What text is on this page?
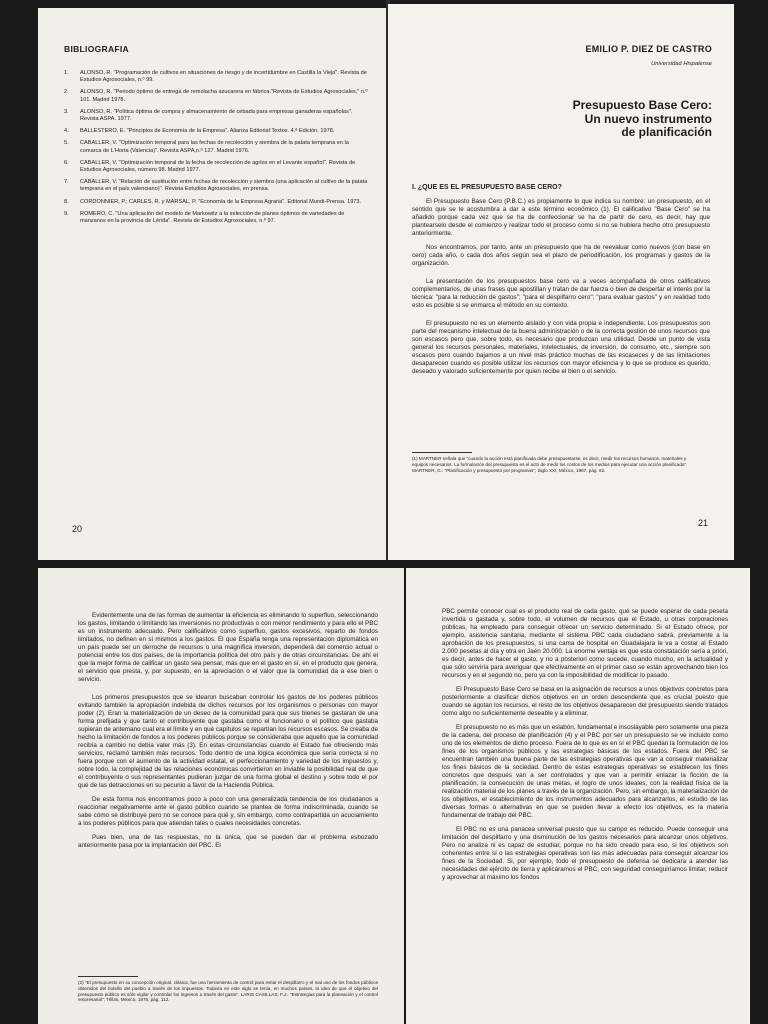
BIBLIOGRAFIA
1.	ALONSO, R. "Programación de cultivos en situaciones de riesgo y de incertidumbre en Castilla la Vieja". Revista de Estudios Agrosociales, n.º 99.
2.	ALONSO, R. "Periodo óptimo de entrega de remolacha azucarera en fábrica."Revista de Estudios Agrosociales," n.º 101. Madrid 1978.
3.	ALONSO, R. "Política óptima de compra y almacenamiento de cebada para empresas ganaderas españolas". Revista ASPA. 1977.
4.	BALLESTERO, E. "Principios de Economía de la Empresa". Alianza Editorial Textos. 4.ª Edición. 1978.
5.	CABALLER, V. "Optimización temporal para las fechas de recolección y siembra de la patata temprana en la comarca de L'Horta (Valencia)". Revista ASPA,n.º 127. Madrid 1976.
6.	CABALLER, V. "Optimización temporal de la fecha de recolección de agrios en el Levante español". Revista de Estudios Agrosociales, número 98. Madrid 1977.
7.	CABALLER, V. "Relación de sustitución entre fechas de recolección y siembra (una aplicación al cultivo de la patata temprana en el país valenciano)". Revista Estudios Agrosociales, en prensa.
8.	CORDONNIER, P.; CARLES, R. y MARSAL, P. "Economía de la Empresa Agraria". Editorial Mundi-Prensa. 1973.
9.	ROMERO, C. "Una aplicación del modelo de Markowitz a la selección de planes óptimos de variedades de manzanos en la provincia de Lérida". Revista de Estudios Agrosociales, n.º 97.
20
EMILIO P. DIEZ DE CASTRO
Universidad Hispalense
Presupuesto Base Cero:
Un nuevo instrumento
de planificación
I. ¿QUE ES EL PRESUPUESTO BASE CERO?

El Presupuesto Base Cero (P.B.C.) es propiamente lo que indica su nombre: un presupuesto, en el sentido que se le acostumbra a dar a este término económico (1). El calificativo "Base Cero" se ha añadido porque cada vez que se ha de confeccionar se ha de partir de cero, es decir, hay que plantearselo desde el comienzo y realizar todo el proceso como si no se hubiera hecho otro presupuesto anteriormente.

Nos encontramos, por tanto, ante un presupuesto que ha de reevaluar como nuevos (con base en cero) cada año, o cada dos años según sea el plazo de periodificación, los programas y gastos de la organización.

La presentación de los presupuestos base cero va a veces acompañada de otros calificativos complementarios, de unas frases que apostillan y tratan de dar fuerza o bien de despertar el interés por la técnica: "para la reducción de gastos"; "para el despilfarro cero"; "para evaluar gastos" y en realidad todo esto es posible si se enmarca el método en su contexto.

El presupuesto no es un elemento aislado y con vida propia e independiente. Los presupuestos son parte del mecanismo intelectual de la buena administración o de la correcta gestión de unos recursos que son escasos pero que, sobre todo, es necesario que produzcan una utilidad. Desde un punto de vista general los recursos personales, materiales, intelectuales, de inversión, de consumo, etc., siempre son escasos pero cuando bajamos a un nivel más práctico muchas de las escaseces y de las limitaciones desaparecen cuando es posible utilizar los recursos con mayor eficiencia y lo que se produce es querido, deseado y valorado suficientemente por quien recibe el bien o el servicio.

(1) MARTNER señala que "cuando la acción está planificada debe presupuestarse, es decir, medir los recursos humanos, materiales y equipos necesarios. La formulación del presupuesto es el acto de medir los costos de los medios para ejecutar una acción planificada". MARTNER, G.: "Planificación y presupuesto por programas"; Siglo XXI, México, 1967, pág. 62.
21

Evidentemente una de las formas de aumentar la eficiencia es eliminando lo superfluo, seleccionando los gastos, limitando o limitando las inversiones no productivas o con menor rendimiento y para ello el PBC es un instrumento adecuado. Pero calificativos como superfluo, gastos excesivos, reparto de fondos limitados, no definen en sí mismos a los gastos. El que España tenga una representación diplomática en un país puede ser un derroche de recursos o una magnífica inversión, dependerá del comercio actual o potencial entre los dos países, de la importancia política del otro país y de otras circunstancias. De ahí el que la mejor forma de calificar un gasto sea pensar, más que en el gasto en sí, en el producto que genera, el servicio que presta, y, por supuesto, en la apreciación o el valor que la comunidad da a ese bien o servicio.

Los primeros presupuestos que se idearon buscaban controlar los gastos de los poderes públicos evitando también la apropiación indebida de dichos recursos por los organismos o personas con mayor poder (2). Eran la materialización de un deseo de la comunidad para que sus bienes se gastaran de una forma prefijada y que tanto el contribuyente que gastaba como el funcionario o el político que gastaba supieran de antemano cual era el límite y en qué capítulos se repartían los recursos escasos. Se creaba de hecho la limitación de fondos a los poderes públicos porque se consideraba que aquello que la comunidad recibía a cambio no debía valer más (3). En estas circunstancias cuando el Estado fue ofreciendo más servicios, reclamó también más recursos. Todo dentro de una lógica económica que sería correcta si no fuera porque con el aumento de la actividad estatal, el perfeccionamiento y variedad de los impuestos y, sobre todo, la complejidad de las relaciones económicas convirtieron en inviable la posibilidad real de que el contribuyente o sus representantes pudieran juzgar de una forma global el destino y sobre todo el por qué de las detracciones en su pecunio a favor de la Hacienda Pública.

De esta forma nos encontramos poco a poco con una generalizada tendencia de los ciudadanos a reaccionar negativamente ante el gasto público cuando se plantea de forma indiscriminada, cuando se sabe cómo se distribuye pero no se conoce para qué y, sin embargo, como contrapartida un acuciamiento a los poderes públicos para que atiendan tales o cuales necesidades concretas.

Pues bien, una de las respuestas, no la única, que se pueden dar el problema esbozado anteriormente pasa por la implantación del PBC. El

(2) "El presupuesto en su concepción original, clásica, fue una herramienta de control para evitar el despilfarro y el mal uso de los fondos públicos obtenidos del bolsillo del pueblo a través de los impuestos. Todavía en este siglo se tenía, en muchos países, la idea de que el objetivo del presupuesto público es sólo vigilar y controlar los ingresos a través del gasto". LARIS CASILLAS, F.J.: "Estrategias para la planeación y el control empresarial"; Trillas, México, 1976, pág. 112.

PBC permite conocer cual es el producto real de cada gasto, qué se puede esperar de cada peseta invertida o gastada y, sobre todo, el volumen de recursos que el Estado, u otras corporaciones públicas, ha empleado para conseguir ofrecer un servicio determinado. Si el Estado ofrece, por ejemplo, asistencia sanitaria, mediante el sistema PBC cada ciudadano sabrá, previamente a la aprobación de los presupuestos, si una cama de hospital en Guadalajara le va a costar al Estado 2.000 pesetas al día y otra en Jaén 20.000. La enorme ventaja es que esta constatación sería a priori, es decir, antes de hacer el gasto, y no a posteriori como sucede, cuando mucho, en la actualidad y que sólo serviría para averiguar que efectivamente en el primer caso se están aprovechando bien los recursos y en el segundo no, pero ya con la imposibilidad de modificar lo pasado.

El Presupuesto Base Cero se basa en la asignación de recursos a unos objetivos concretos para posteriormente a clasificar dichos objetivos en un orden descendente que es crucial puesto que cuando se agotan los recursos, el resto de los objetivos desaparecen del presupuesto siendo tratados como algo no suficientemente deseable y a eliminar.

El presupuesto no es más que un eslabón, fundamental e insoslayable pero solamente una pieza de la cadena, del proceso de planificación (4) y el PBC por ser un presupuesto se ve incluido como uno de los elementos de dicho proceso. Fuera de lo que es en sí el PBC quedan la formulación de los fines de los organismos públicos y las estrategias básicas de los estados. Fuera del PBC se encuentran también una buena parte de las estrategias operativas que van a conseguir materializar los fines básicos de la sociedad. Dentro de estas estrategias operativas se establecen los fines concretos que después van a ser controlados y que van a permitir enlazar la ficción de la planificación, la consecución de unas metas, el logro de unos ideales, con la realidad física de la realización material de los planes a través de la organización. Pero, sin embargo, la materialización de los objetivos, el establecimiento de los instrumentos adecuados para alcanzarlos, el estudio de las diversas formas o alternativas en que se pueden llevar a efecto los objetivos, es la materia fundamental de trabajo del PBC.

El PBC no es una panacea universal puesto que su campo es reducido. Puede conseguir una limitación del despilfarro y una disminución de los gastos necesarios para alcanzar unos objetivos. Pero no analiza ni es capaz de estudiar, porque no ha sido creado para eso, si los objetivos son coherentes entre sí o las estrategias operativas son las más adecuadas para conseguir alcanzar los fines de la Sociedad. Si, por ejemplo, todo el presupuesto de defensa se dedicara a atender las necesidades del ejército de tierra y aplicáramos el PBC, con seguridad conseguiríamos limitar, reducir y aprovechar al máximo los fondos
